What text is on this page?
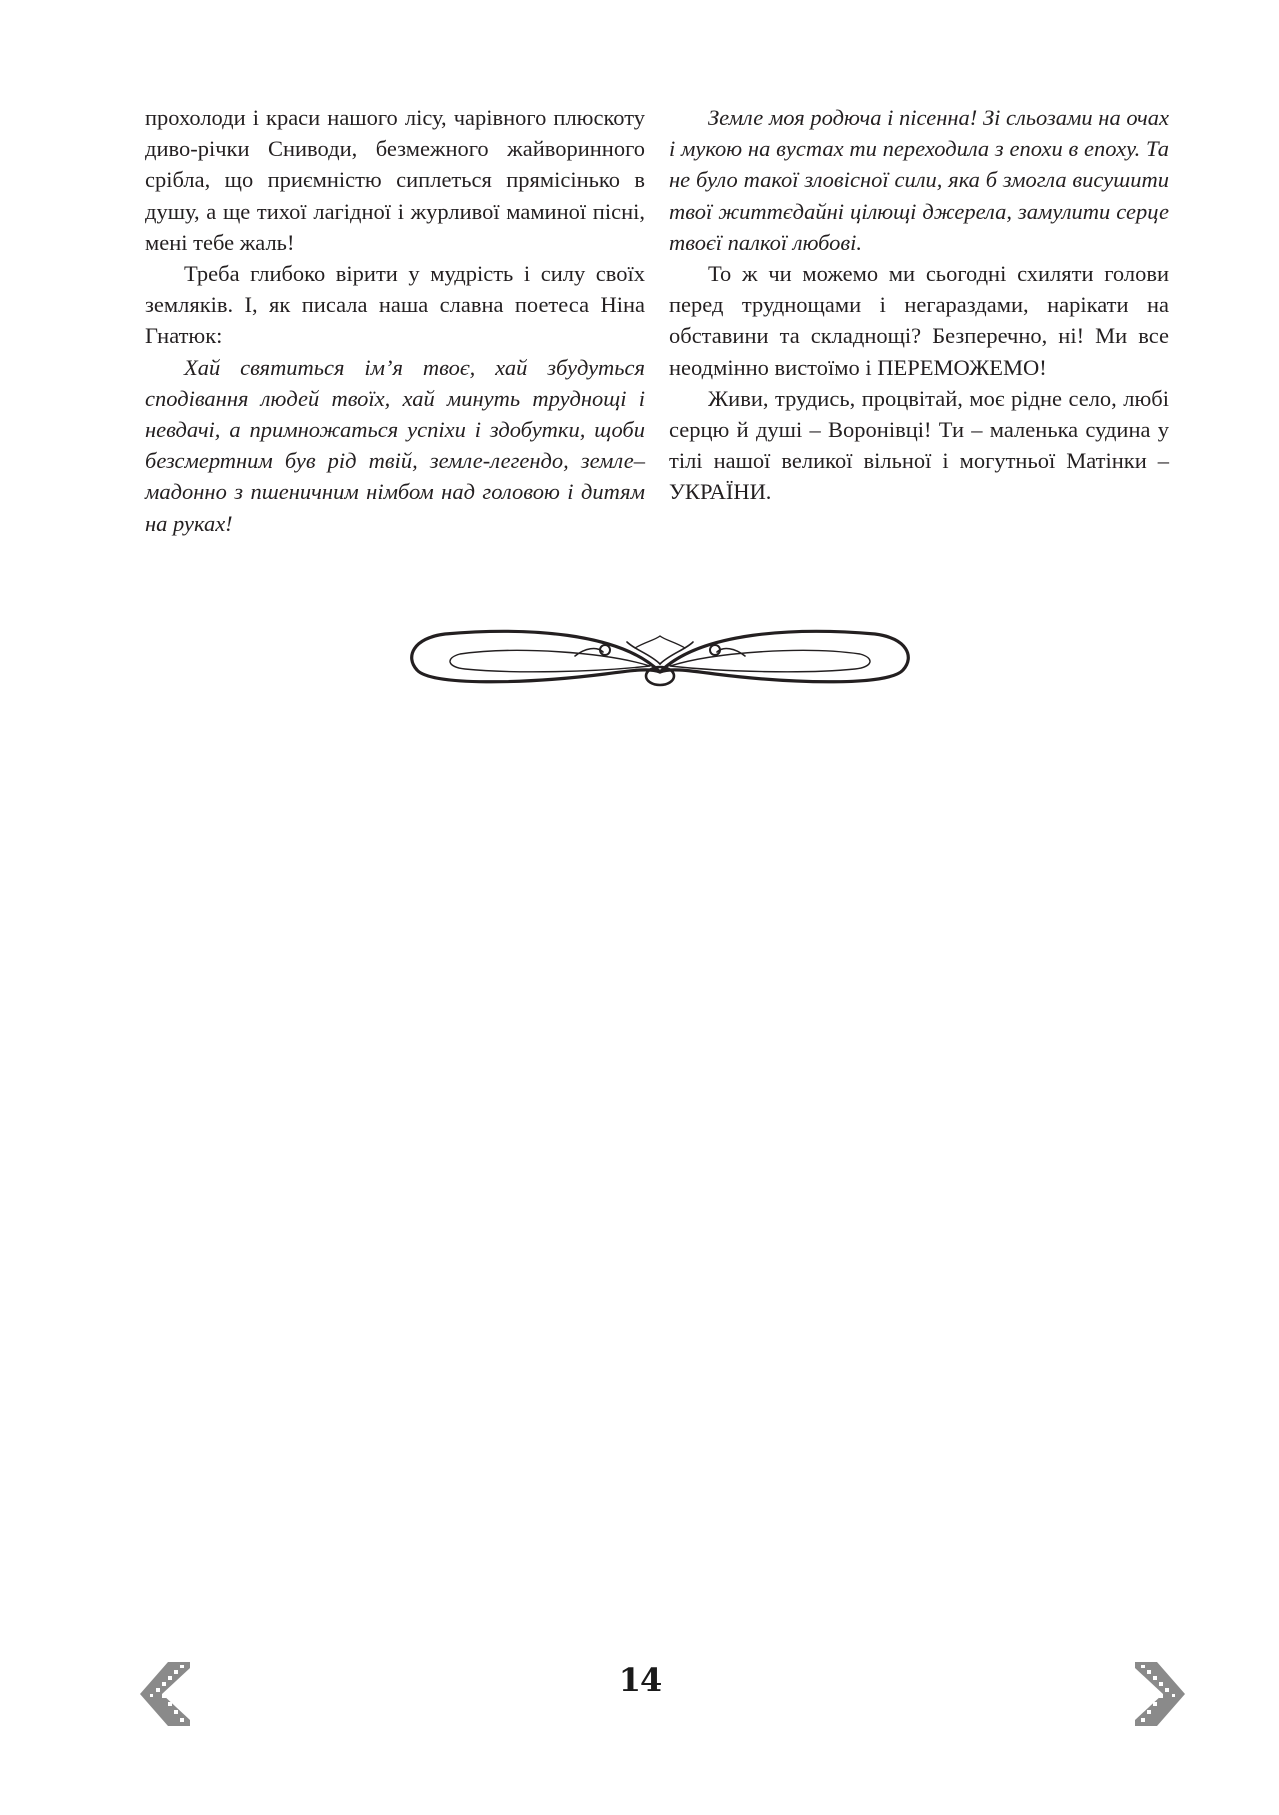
прохолоди і краси нашого лісу, чарівного плюскоту диво-річки Сниводи, безмежного жайворинного срібла, що приємністю сиплеться прямісінько в душу, а ще тихої лагідної і журливої маминої пісні, мені тебе жаль!

Треба глибоко вірити у мудрість і силу своїх земляків. І, як писала наша славна поетеса Ніна Гнатюк:

Хай святиться ім’я твоє, хай збудуться сподівання людей твоїх, хай минуть труднощі і невдачі, а примножаться успіхи і здобутки, щоби безсмертним був рід твій, земле-легендо, земле– мадонно з пшеничним німбом над головою і дитям на руках!

Земле моя родюча і пісенна! Зі сльозами на очах і мукою на вустах ти переходила з епохи в епоху. Та не було такої зловісної сили, яка б змогла висушити твої життєдайні цілющі джерела, замулити серце твоєї палкої любові.

То ж чи можемо ми сьогодні схиляти голови перед труднощами і негараздами, нарікати на обставини та складнощі? Безперечно, ні! Ми все неодмінно вистоїмо і ПЕРЕМОЖЕМО!

Живи, трудись, процвітай, моє рідне село, любі серцю й душі – Воронівці! Ти – маленька судина у тілі нашої великої вільної і могутньої Матінки – УКРАЇНИ.

14
